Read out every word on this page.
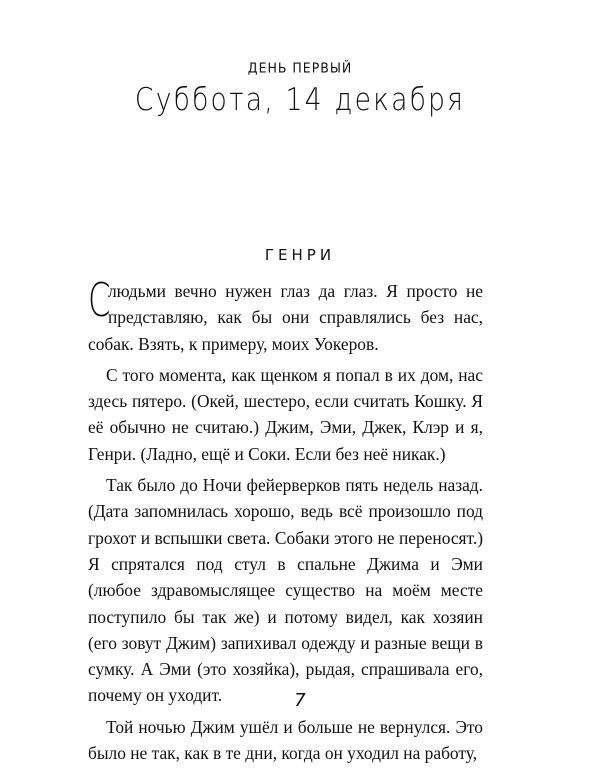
ДЕНЬ ПЕРВЫЙ
Суббота, 14 декабря
ГЕНРИ

С
людьми вечно нужен глаз да глаз. Я просто не представляю, как бы они справлялись без нас, собак. Взять, к примеру, моих Уокеров.

С того момента, как щенком я попал в их дом, нас здесь пятеро. (Окей, шестеро, если считать Кошку. Я её обычно не считаю.) Джим, Эми, Джек, Клэр и я, Генри. (Ладно, ещё и Соки. Если без неё никак.)

Так было до Ночи фейерверков пять недель назад. (Дата запомнилась хорошо, ведь всё произошло под грохот и вспышки света. Собаки этого не переносят.) Я спрятался под стул в спальне Джима и Эми (любое здравомыслящее существо на моём месте поступило бы так же) и потому видел, как хозяин (его зовут Джим) запихивал одежду и разные вещи в сумку. А Эми (это хозяйка), рыдая, спрашивала его, почему он уходит.

Той ночью Джим ушёл и больше не вернулся. Это было не так, как в те дни, когда он уходил на работу,

7
